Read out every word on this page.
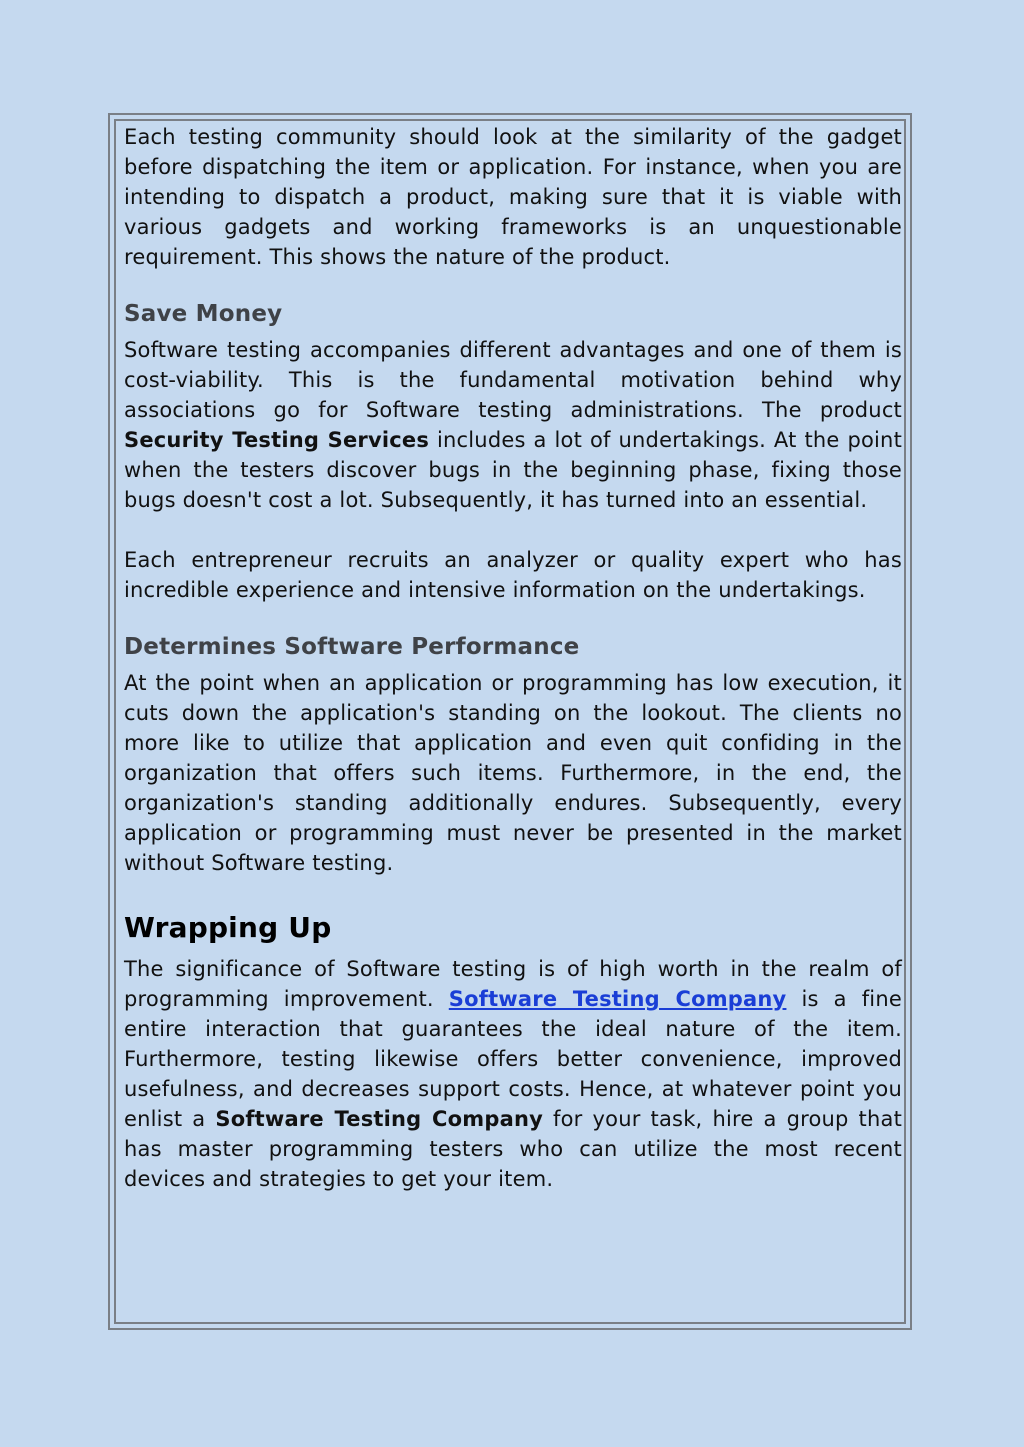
Each testing community should look at the similarity of the gadget before dispatching the item or application. For instance, when you are intending to dispatch a product, making sure that it is viable with various gadgets and working frameworks is an unquestionable requirement. This shows the nature of the product.

Save Money

Software testing accompanies different advantages and one of them is cost-viability. This is the fundamental motivation behind why associations go for Software testing administrations. The product Security Testing Services includes a lot of undertakings. At the point when the testers discover bugs in the beginning phase, fixing those bugs doesn't cost a lot. Subsequently, it has turned into an essential.

Each entrepreneur recruits an analyzer or quality expert who has incredible experience and intensive information on the undertakings.

Determines Software Performance

At the point when an application or programming has low execution, it cuts down the application's standing on the lookout. The clients no more like to utilize that application and even quit confiding in the organization that offers such items. Furthermore, in the end, the organization's standing additionally endures. Subsequently, every application or programming must never be presented in the market without Software testing.

Wrapping Up

The significance of Software testing is of high worth in the realm of programming improvement. Software Testing Company is a fine entire interaction that guarantees the ideal nature of the item. Furthermore, testing likewise offers better convenience, improved usefulness, and decreases support costs. Hence, at whatever point you enlist a Software Testing Company for your task, hire a group that has master programming testers who can utilize the most recent devices and strategies to get your item.
